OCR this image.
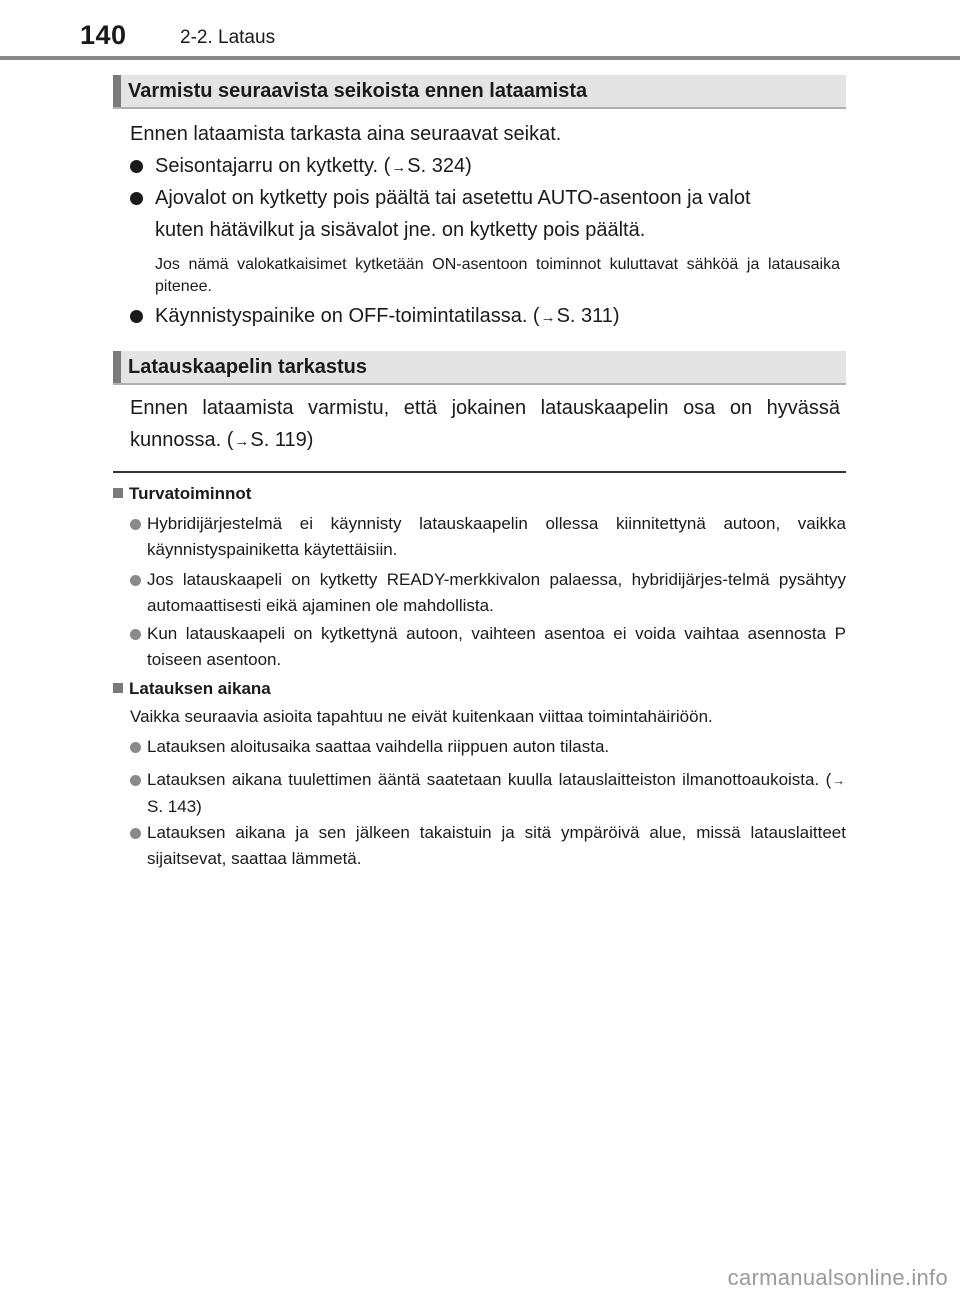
140	2-2. Lataus
Varmistu seuraavista seikoista ennen lataamista
Ennen lataamista tarkasta aina seuraavat seikat.
Seisontajarru on kytketty. (→S. 324)
Ajovalot on kytketty pois päältä tai asetettu AUTO-asentoon ja valot
kuten hätävilkut ja sisävalot jne. on kytketty pois päältä.
Jos nämä valokatkaisimet kytketään ON-asentoon toiminnot kuluttavat sähköä ja latausaika pitenee.
Käynnistyspainike on OFF-toimintatilassa. (→S. 311)
Latauskaapelin tarkastus
Ennen lataamista varmistu, että jokainen latauskaapelin osa on hyvässä kunnossa. (→S. 119)
Turvatoiminnot
Hybridijärjestelmä ei käynnisty latauskaapelin ollessa kiinnitettynä autoon, vaikka käynnistyspainiketta käytettäisiin.
Jos latauskaapeli on kytketty READY-merkkivalon palaessa, hybridijärjes-telmä pysähtyy automaattisesti eikä ajaminen ole mahdollista.
Kun latauskaapeli on kytkettynä autoon, vaihteen asentoa ei voida vaihtaa asennosta P toiseen asentoon.
Latauksen aikana
Vaikka seuraavia asioita tapahtuu ne eivät kuitenkaan viittaa toimintahäiriöön.
Latauksen aloitusaika saattaa vaihdella riippuen auton tilasta.
Latauksen aikana tuulettimen ääntä saatetaan kuulla latauslaitteiston ilmanottoaukoista. (→S. 143)
Latauksen aikana ja sen jälkeen takaistuin ja sitä ympäröivä alue, missä latauslaitteet sijaitsevat, saattaa lämmetä.
carmanualsonline.info
